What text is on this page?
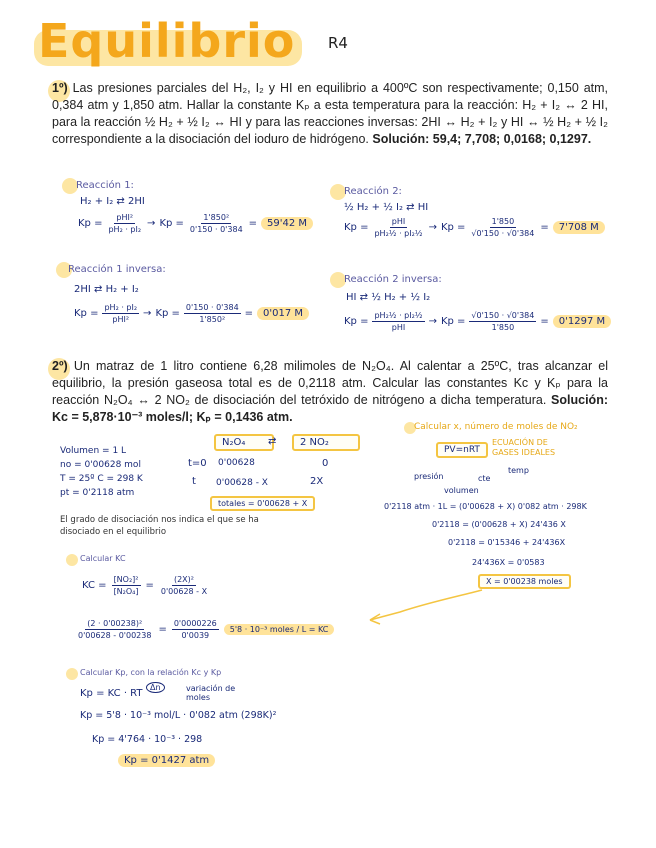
Equilibrio R4
1º) Las presiones parciales del H₂, I₂ y HI en equilibrio a 400ºC son respectivamente; 0,150 atm, 0,384 atm y 1,850 atm. Hallar la constante Kₚ a esta temperatura para la reacción: H₂ + I₂ ↔ 2 HI, para la reacción ½ H₂ + ½ I₂ ↔ HI y para las reacciones inversas: 2HI ↔ H₂ + I₂ y HI ↔ ½ H₂ + ½ I₂ correspondiente a la disociación del ioduro de hidrógeno. Solución: 59,4; 7,708; 0,0168; 0,1297.
Reacción 1:
H₂ + I₂ ⇄ 2HI
$Kp = \frac{\text{pHI²}}{\text{pH₂ · pI₂}} \to Kp = \frac{\text{1'850²}}{0'150 \cdot 0'384}$ =	59'42 M
Reacción 2:
½ H₂ + ½ I₂ ⇄ HI
$Kp = \frac{\text{pHI}}{\text{pH₂½ · pI₂½}} \to Kp = \frac{1'850}{√0'150 \cdot √0'384}$ =	7'708 M
Reacción 1 inversa:
2HI ⇄ H₂ + I₂
$Kp = \frac{\text{pH₂ · pI₂}}{\text{pHI²}} \to Kp = \frac{0'150 \cdot 0'384}{\text{1'850²}}$ =	0'017 M
Reacción 2 inversa:
HI ⇄ ½ H₂ + ½ I₂
$Kp = \frac{\text{pH₂½ · pI₂½}}{\text{pHI}} \to Kp = \frac{√0'150 \cdot √0'384}{1'850}$ =	0'1297 M
2º) Un matraz de 1 litro contiene 6,28 milimoles de N₂O₄. Al calentar a 25ºC, tras alcanzar el equilibrio, la presión gaseosa total es de 0,2118 atm. Calcular las constantes Kc y Kₚ para la reacción N₂O₄ ↔ 2 NO₂ de disociación del tetróxido de nitrógeno a dicha temperatura. Solución: Kc = 5,878·10⁻³ moles/l; Kₚ = 0,1436 atm.
Volumen = 1 L
no = 0'00628 mol
T = 25º C = 298 K
pt = 0'2118 atm
N₂O₄	⇄	2 NO₂
t=0 0'00628	0
t 0'00628 - X	2X
totales = 0'00628 + X
El grado de disociación nos indica el que se ha disociado en el equilibrio
Calcular x, número de moles de NO₂
PV=nRT
ECUACIÓN DE GASES IDEALES
presión
volumen
cte
temp
0'2118 atm · 1L = (0'00628 + X) 0'082 atm · 298K
0'2118 = (0'00628 + X) 24'436 X
0'2118 = 0'15346 + 24'436X
24'436X = 0'0583
X = 0'00238 moles
Calcular KC
KC = $\frac{\text{[NO₂]²}}{\text{[N₂O₄]}} = \frac{\text{(2X)²}}{0'00628 - X}$
$\frac{\text{(2 · 0'00238)²}}{0'00628 - 0'00238} = \frac{0'0000226}{0'0039}$	5'8 · 10⁻³ moles / L = KC
Calcular Kp, con la relación Kc y Kp
Kp = KC · RT
Δn	variación de moles
Kp = 5'8 · 10⁻³ mol/L · 0'082 atm (298K)²
Kp = 4'764 · 10⁻³ · 298
Kp = 0'1427 atm
